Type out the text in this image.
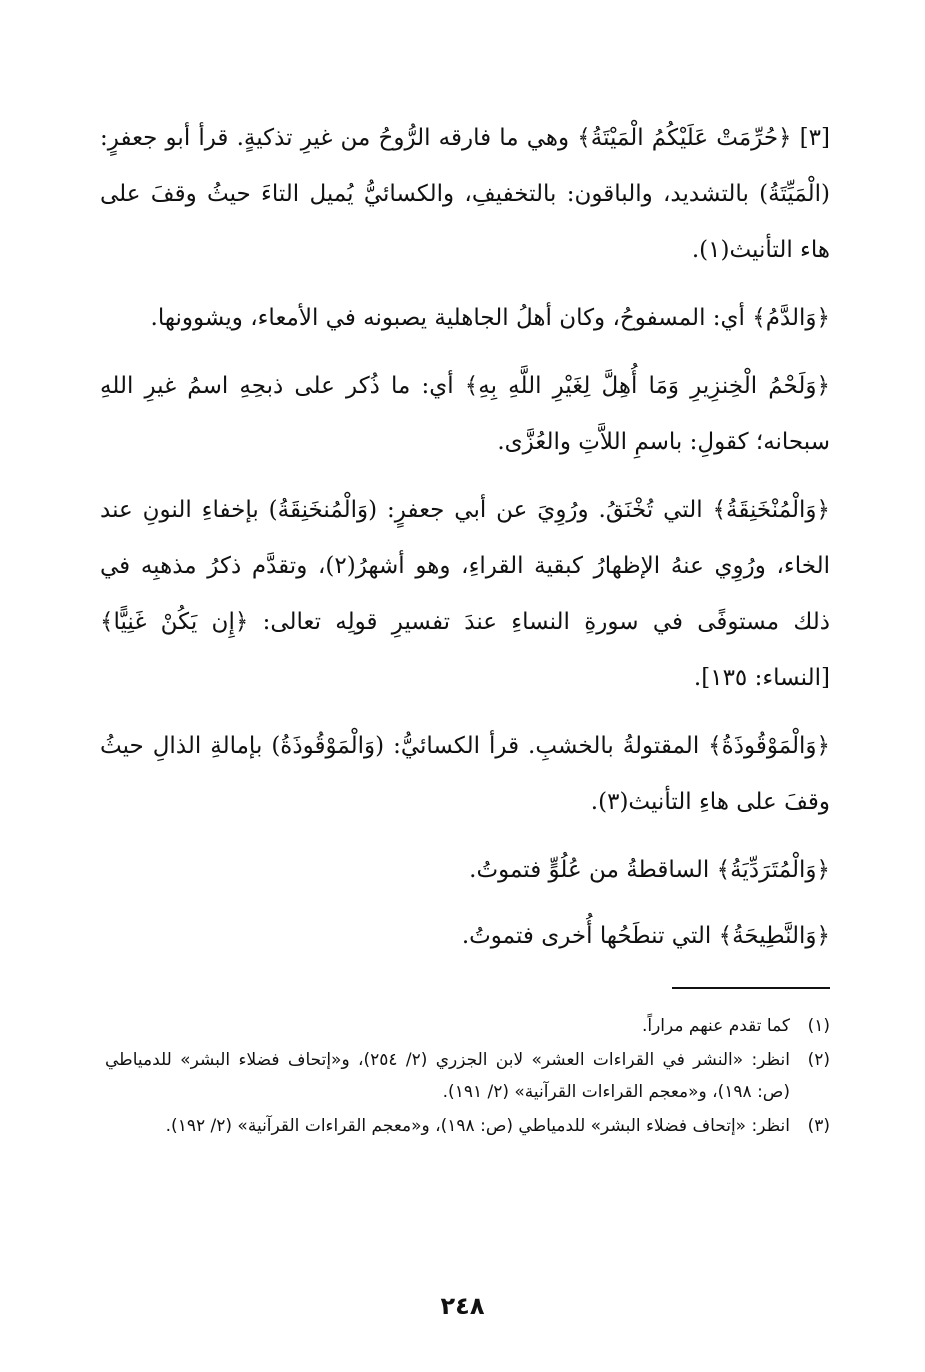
[٣] ﴿حُرِّمَتْ عَلَيْكُمُ الْمَيْتَةُ﴾ وهي ما فارقه الرُّوحُ من غيرِ تذكيةٍ. قرأ أبو جعفرٍ: (الْمَيِّتَةُ) بالتشديد، والباقون: بالتخفيفِ، والكسائيُّ يُميل التاءَ حيثُ وقفَ على هاء التأنيث(١).

﴿وَالدَّمُ﴾ أي: المسفوحُ، وكان أهلُ الجاهلية يصبونه في الأمعاء، ويشوونها.

﴿وَلَحْمُ الْخِنزِيرِ وَمَا أُهِلَّ لِغَيْرِ اللَّهِ بِهِ﴾ أي: ما ذُكر على ذبحِهِ اسمُ غيرِ اللهِ سبحانه؛ كقولِ: باسمِ اللاَّتِ والعُزَّى.

﴿وَالْمُنْخَنِقَةُ﴾ التي تُخْنَقُ. ورُوِيَ عن أبي جعفرٍ: (وَالْمُنخَنِقَةُ) بإخفاءِ النونِ عند الخاء، ورُوِي عنهُ الإظهارُ كبقية القراءِ، وهو أشهرُ(٢)، وتقدَّم ذكرُ مذهبِه في ذلك مستوفًى في سورةِ النساءِ عندَ تفسيرِ قولِه تعالى: ﴿إِن يَكُنْ غَنِيًّا﴾ [النساء: ١٣٥].

﴿وَالْمَوْقُوذَةُ﴾ المقتولةُ بالخشبِ. قرأ الكسائيُّ: (وَالْمَوْقُوذَةُ) بإمالةِ الذالِ حيثُ وقفَ على هاءِ التأنيث(٣).

﴿وَالْمُتَرَدِّيَةُ﴾ الساقطةُ من عُلُوٍّ فتموتُ.

﴿وَالنَّطِيحَةُ﴾ التي تنطَحُها أُخرى فتموتُ.

(١)
كما تقدم عنهم مراراً.
(٢)
انظر: «النشر في القراءات العشر» لابن الجزري (٢/ ٢٥٤)، و«إتحاف فضلاء البشر» للدمياطي (ص: ١٩٨)، و«معجم القراءات القرآنية» (٢/ ١٩١).
(٣)
انظر: «إتحاف فضلاء البشر» للدمياطي (ص: ١٩٨)، و«معجم القراءات القرآنية» (٢/ ١٩٢).
٢٤٨
